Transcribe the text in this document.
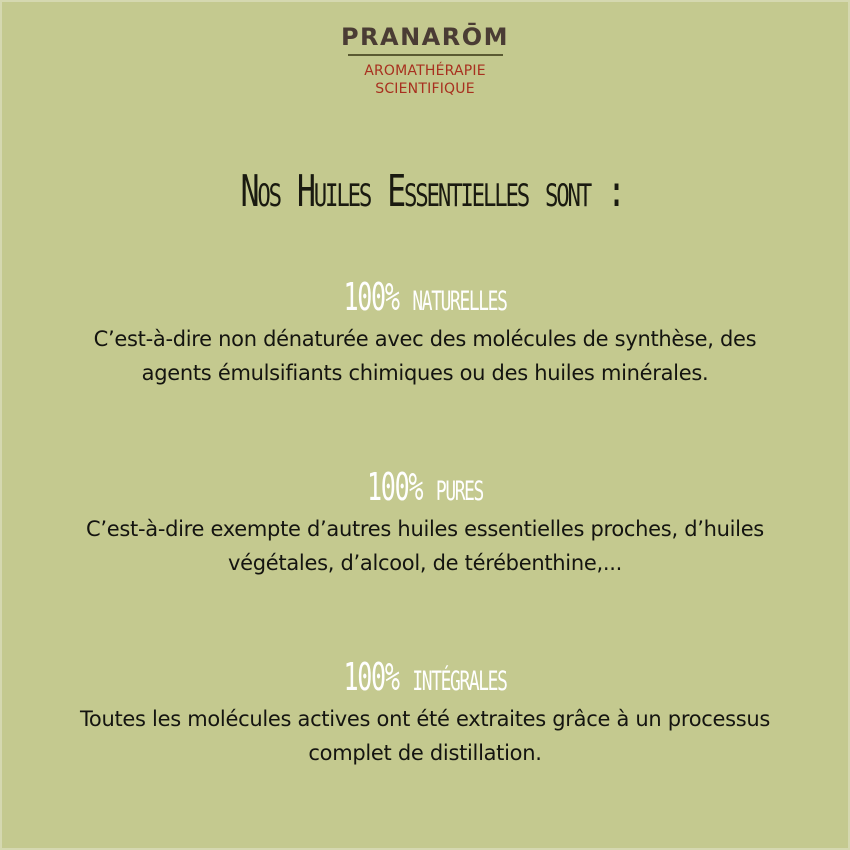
PRANARŌM
AROMATHÉRAPIE
SCIENTIFIQUE
Nos Huiles Essentielles sont :
100% naturelles
C’est-à-dire non dénaturée avec des molécules de synthèse, des
agents émulsifiants chimiques ou des huiles minérales.
100% pures
C’est-à-dire exempte d’autres huiles essentielles proches, d’huiles
végétales, d’alcool, de térébenthine,...
100% intégrales
Toutes les molécules actives ont été extraites grâce à un processus
complet de distillation.
